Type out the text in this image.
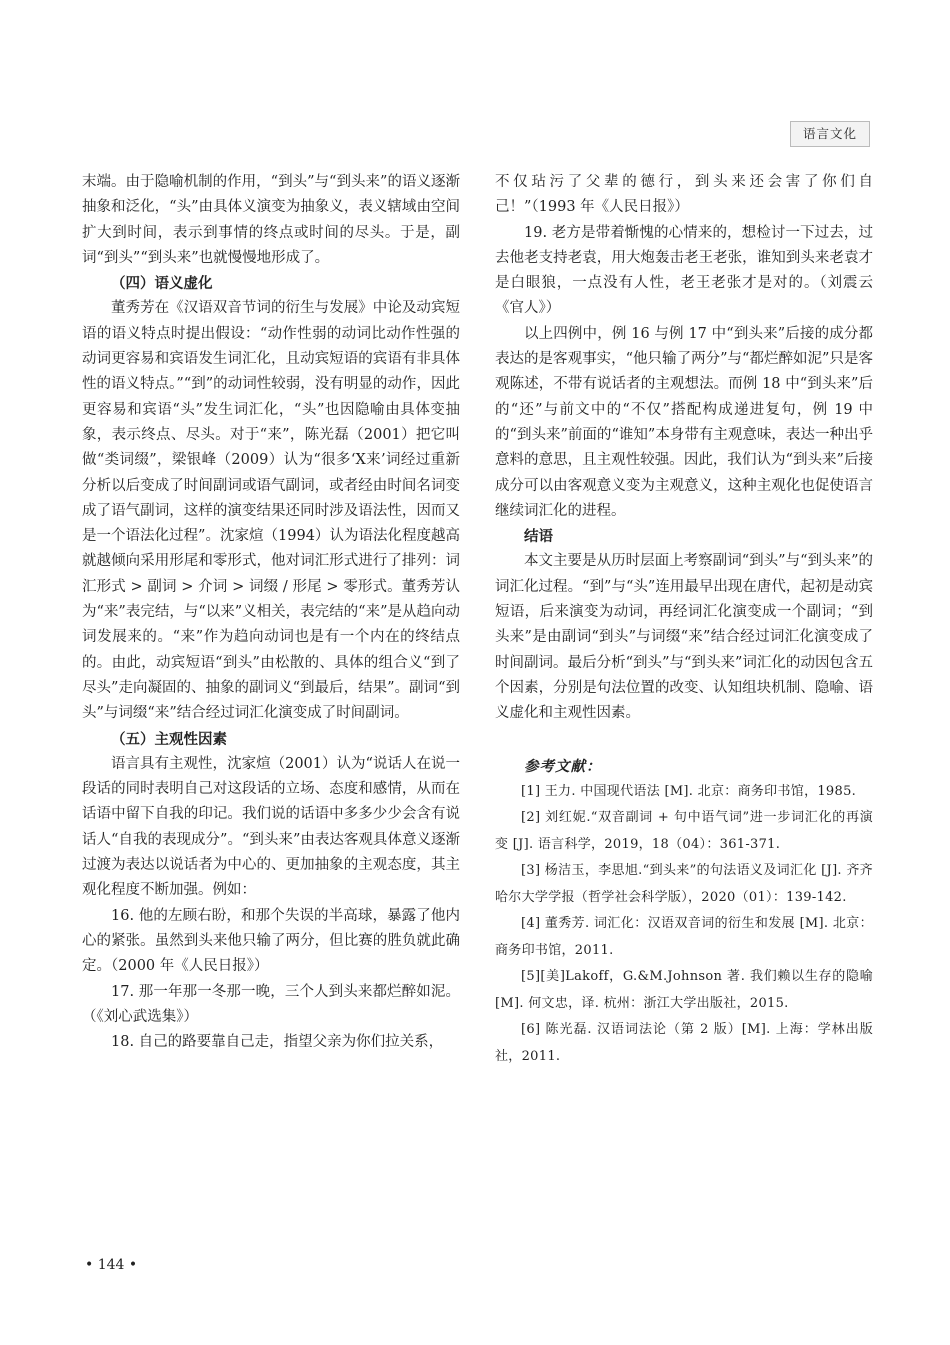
语言文化

末端。由于隐喻机制的作用，“到头”与“到头来”的语义逐渐抽象和泛化，“头”由具体义演变为抽象义，表义辖域由空间扩大到时间，表示到事情的终点或时间的尽头。于是，副词“到头”“到头来”也就慢慢地形成了。

（四）语义虚化

董秀芳在《汉语双音节词的衍生与发展》中论及动宾短语的语义特点时提出假设：“动作性弱的动词比动作性强的动词更容易和宾语发生词汇化，且动宾短语的宾语有非具体性的语义特点。”“到”的动词性较弱，没有明显的动作，因此更容易和宾语“头”发生词汇化，“头”也因隐喻由具体变抽象，表示终点、尽头。对于“来”，陈光磊（2001）把它叫做“类词缀”，梁银峰（2009）认为“很多‘X来’词经过重新分析以后变成了时间副词或语气副词，或者经由时间名词变成了语气副词，这样的演变结果还同时涉及语法性，因而又是一个语法化过程”。沈家煊（1994）认为语法化程度越高就越倾向采用形尾和零形式，他对词汇形式进行了排列：词汇形式 > 副词 > 介词 > 词缀 / 形尾 > 零形式。董秀芳认为“来”表完结，与“以来”义相关，表完结的“来”是从趋向动词发展来的。“来”作为趋向动词也是有一个内在的终结点的。由此，动宾短语“到头”由松散的、具体的组合义“到了尽头”走向凝固的、抽象的副词义“到最后，结果”。副词“到头”与词缀“来”结合经过词汇化演变成了时间副词。

（五）主观性因素

语言具有主观性，沈家煊（2001）认为“说话人在说一段话的同时表明自己对这段话的立场、态度和感情，从而在话语中留下自我的印记。我们说的话语中多多少少会含有说话人“自我的表现成分”。“到头来”由表达客观具体意义逐渐过渡为表达以说话者为中心的、更加抽象的主观态度，其主观化程度不断加强。例如：

16. 他的左顾右盼，和那个失误的半高球，暴露了他内心的紧张。虽然到头来他只输了两分，但比赛的胜负就此确定。（2000 年《人民日报》）

17. 那一年那一冬那一晚，三个人到头来都烂醉如泥。（《刘心武选集》）

18. 自己的路要靠自己走，指望父亲为你们拉关系，

不仅玷污了父辈的德行，到头来还会害了你们自己！”（1993 年《人民日报》）

19. 老方是带着惭愧的心情来的，想检讨一下过去，过去他老支持老袁，用大炮轰击老王老张，谁知到头来老袁才是白眼狼，一点没有人性，老王老张才是对的。（刘震云《官人》）

以上四例中，例 16 与例 17 中“到头来”后接的成分都表达的是客观事实，“他只输了两分”与“都烂醉如泥”只是客观陈述，不带有说话者的主观想法。而例 18 中“到头来”后的“还”与前文中的“不仅”搭配构成递进复句，例 19 中的“到头来”前面的“谁知”本身带有主观意味，表达一种出乎意料的意思，且主观性较强。因此，我们认为“到头来”后接成分可以由客观意义变为主观意义，这种主观化也促使语言继续词汇化的进程。

结语

本文主要是从历时层面上考察副词“到头”与“到头来”的词汇化过程。“到”与“头”连用最早出现在唐代，起初是动宾短语，后来演变为动词，再经词汇化演变成一个副词；“到头来”是由副词“到头”与词缀“来”结合经过词汇化演变成了时间副词。最后分析“到头”与“到头来”词汇化的动因包含五个因素，分别是句法位置的改变、认知组块机制、隐喻、语义虚化和主观性因素。

参考文献：

[1] 王力. 中国现代语法 [M]. 北京：商务印书馆，1985.

[2] 刘红妮.“双音副词 + 句中语气词”进一步词汇化的再演变 [J]. 语言科学，2019，18（04）：361-371.

[3] 杨洁玉，李思旭.“到头来”的句法语义及词汇化 [J]. 齐齐哈尔大学学报（哲学社会科学版），2020（01）：139-142.

[4] 董秀芳. 词汇化：汉语双音词的衍生和发展 [M]. 北京：商务印书馆，2011.

[5][美]Lakoff，G.&M.Johnson 著. 我们赖以生存的隐喻 [M]. 何文忠，译. 杭州：浙江大学出版社，2015.

[6] 陈光磊. 汉语词法论（第 2 版）[M]. 上海：学林出版社，2011.

• 144 •
